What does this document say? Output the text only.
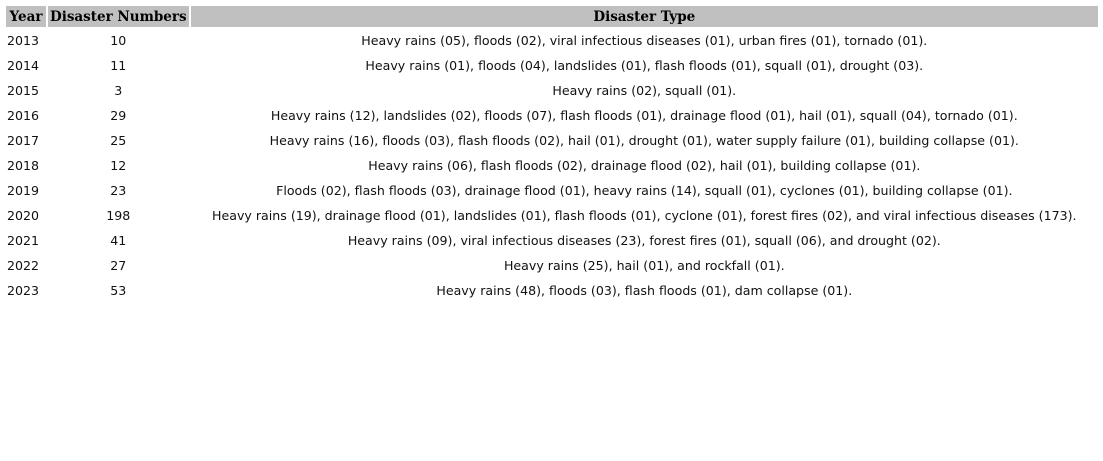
Year	Disaster Numbers	Disaster Type
2013	10	Heavy rains (05), floods (02), viral infectious diseases (01), urban fires (01), tornado (01).
2014	11	Heavy rains (01), floods (04), landslides (01), flash floods (01), squall (01), drought (03).
2015	3	Heavy rains (02), squall (01).
2016	29	Heavy rains (12), landslides (02), floods (07), flash floods (01), drainage flood (01), hail (01), squall (04), tornado (01).
2017	25	Heavy rains (16), floods (03), flash floods (02), hail (01), drought (01), water supply failure (01), building collapse (01).
2018	12	Heavy rains (06), flash floods (02), drainage flood (02), hail (01), building collapse (01).
2019	23	Floods (02), flash floods (03), drainage flood (01), heavy rains (14), squall (01), cyclones (01), building collapse (01).
2020	198	Heavy rains (19), drainage flood (01), landslides (01), flash floods (01), cyclone (01), forest fires (02), and viral infectious diseases (173).
2021	41	Heavy rains (09), viral infectious diseases (23), forest fires (01), squall (06), and drought (02).
2022	27	Heavy rains (25), hail (01), and rockfall (01).
2023	53	Heavy rains (48), floods (03), flash floods (01), dam collapse (01).
